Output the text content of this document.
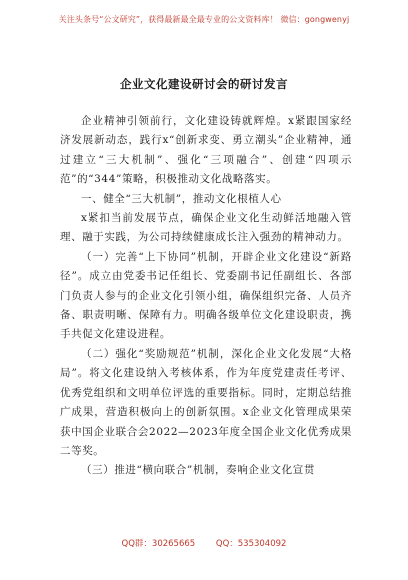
关注头条号“公文研究”，获得最新最全最专业的公文资料库！ 微信：gongwenyj
企业文化建设研讨会的研讨发言

企业精神引领前行，文化建设铸就辉煌。x紧跟国家经济发展新动态，践行x“创新求变、勇立潮头”企业精神，通过建立“三大机制”、强化“三项融合”、创建“四项示范”的“344”策略，积极推动文化战略落实。

一、健全“三大机制”，推动文化根植人心

x紧扣当前发展节点，确保企业文化生动鲜活地融入管理、融于实践，为公司持续健康成长注入强劲的精神动力。

（一）完善“上下协同”机制，开辟企业文化建设“新路径”。成立由党委书记任组长、党委副书记任副组长、各部门负责人参与的企业文化引领小组，确保组织完备、人员齐备、职责明晰、保障有力。明确各级单位文化建设职责，携手共促文化建设进程。

（二）强化“奖励规范”机制，深化企业文化发展“大格局”。将文化建设纳入考核体系，作为年度党建责任考评、优秀党组织和文明单位评选的重要指标。同时，定期总结推广成果，营造积极向上的创新氛围。x企业文化管理成果荣获中国企业联合会2022—2023年度全国企业文化优秀成果二等奖。

（三）推进“横向联合”机制，奏响企业文化宣贯

QQ群：30265665 QQ：535304092
